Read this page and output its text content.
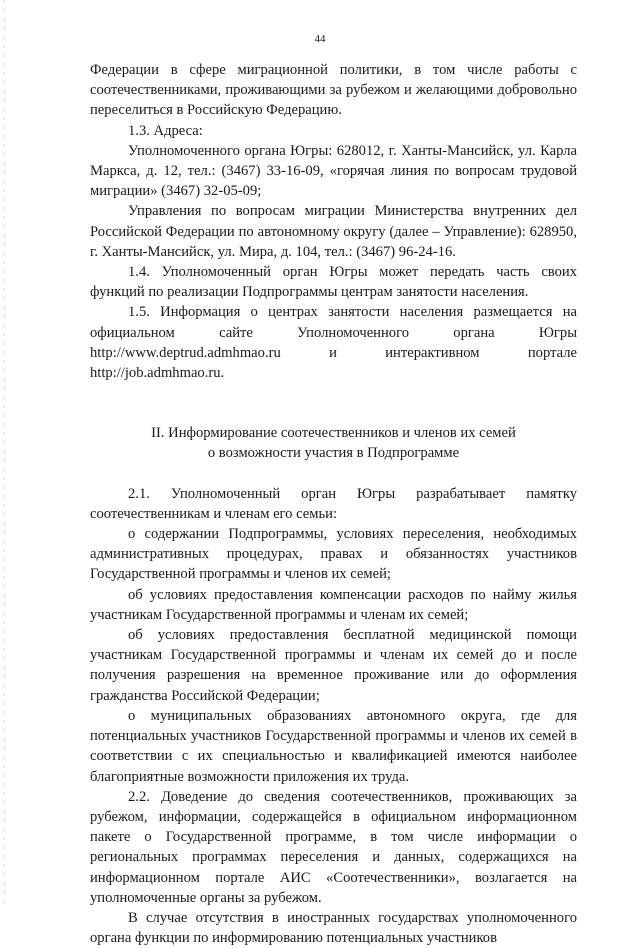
44

Федерации в сфере миграционной политики, в том числе работы с соотечественниками, проживающими за рубежом и желающими добровольно переселиться в Российскую Федерацию.

1.3. Адреса:

Уполномоченного органа Югры: 628012, г. Ханты-Мансийск, ул. Карла Маркса, д. 12, тел.: (3467) 33-16-09, «горячая линия по вопросам трудовой миграции» (3467) 32-05-09;

Управления по вопросам миграции Министерства внутренних дел Российской Федерации по автономному округу (далее – Управление): 628950, г. Ханты-Мансийск, ул. Мира, д. 104, тел.: (3467) 96-24-16.

1.4. Уполномоченный орган Югры может передать часть своих функций по реализации Подпрограммы центрам занятости населения.

1.5. Информация о центрах занятости населения размещается на официальном сайте Уполномоченного органа Югры http://www.deptrud.admhmao.ru и интерактивном портале http://job.admhmao.ru.

II. Информирование соотечественников и членов их семей

о возможности участия в Подпрограмме

2.1. Уполномоченный орган Югры разрабатывает памятку соотечественникам и членам его семьи:

о содержании Подпрограммы, условиях переселения, необходимых административных процедурах, правах и обязанностях участников Государственной программы и членов их семей;

об условиях предоставления компенсации расходов по найму жилья участникам Государственной программы и членам их семей;

об условиях предоставления бесплатной медицинской помощи участникам Государственной программы и членам их семей до и после получения разрешения на временное проживание или до оформления гражданства Российской Федерации;

о муниципальных образованиях автономного округа, где для потенциальных участников Государственной программы и членов их семей в соответствии с их специальностью и квалификацией имеются наиболее благоприятные возможности приложения их труда.

2.2. Доведение до сведения соотечественников, проживающих за рубежом, информации, содержащейся в официальном информационном пакете о Государственной программе, в том числе информации о региональных программах переселения и данных, содержащихся на информационном портале АИС «Соотечественники», возлагается на уполномоченные органы за рубежом.

В случае отсутствия в иностранных государствах уполномоченного органа функции по информированию потенциальных участников
